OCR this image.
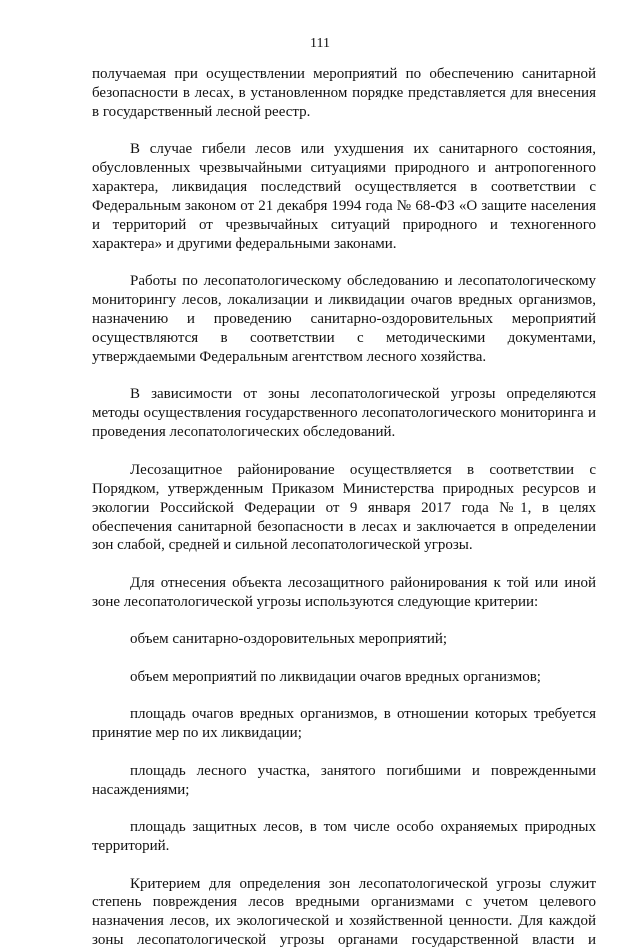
111

получаемая при осуществлении мероприятий по обеспечению санитарной безопасности в лесах, в установленном порядке представляется для внесения в государственный лесной реестр.

В случае гибели лесов или ухудшения их санитарного состояния, обусловленных чрезвычайными ситуациями природного и антропогенного характера, ликвидация последствий осуществляется в соответствии с Федеральным законом от 21 декабря 1994 года № 68-ФЗ «О защите населения и территорий от чрезвычайных ситуаций природного и техногенного характера» и другими федеральными законами.

Работы по лесопатологическому обследованию и лесопатологическому мониторингу лесов, локализации и ликвидации очагов вредных организмов, назначению и проведению санитарно-оздоровительных мероприятий осуществляются в соответствии с методическими документами, утверждаемыми Федеральным агентством лесного хозяйства.

В зависимости от зоны лесопатологической угрозы определяются методы осуществления государственного лесопатологического мониторинга и проведения лесопатологических обследований.

Лесозащитное районирование осуществляется в соответствии с Порядком, утвержденным Приказом Министерства природных ресурсов и экологии Российской Федерации от 9 января 2017 года №1, в целях обеспечения санитарной безопасности в лесах и заключается в определении зон слабой, средней и сильной лесопатологической угрозы.

Для отнесения объекта лесозащитного районирования к той или иной зоне лесопатологической угрозы используются следующие критерии:

объем санитарно-оздоровительных мероприятий;

объем мероприятий по ликвидации очагов вредных организмов;

площадь очагов вредных организмов, в отношении которых требуется принятие мер по их ликвидации;

площадь лесного участка, занятого погибшими и поврежденными насаждениями;

площадь защитных лесов, в том числе особо охраняемых природных территорий.

Критерием для определения зон лесопатологической угрозы служит степень повреждения лесов вредными организмами с учетом целевого назначения лесов, их экологической и хозяйственной ценности. Для каждой зоны лесопатологической угрозы органами государственной власти и
